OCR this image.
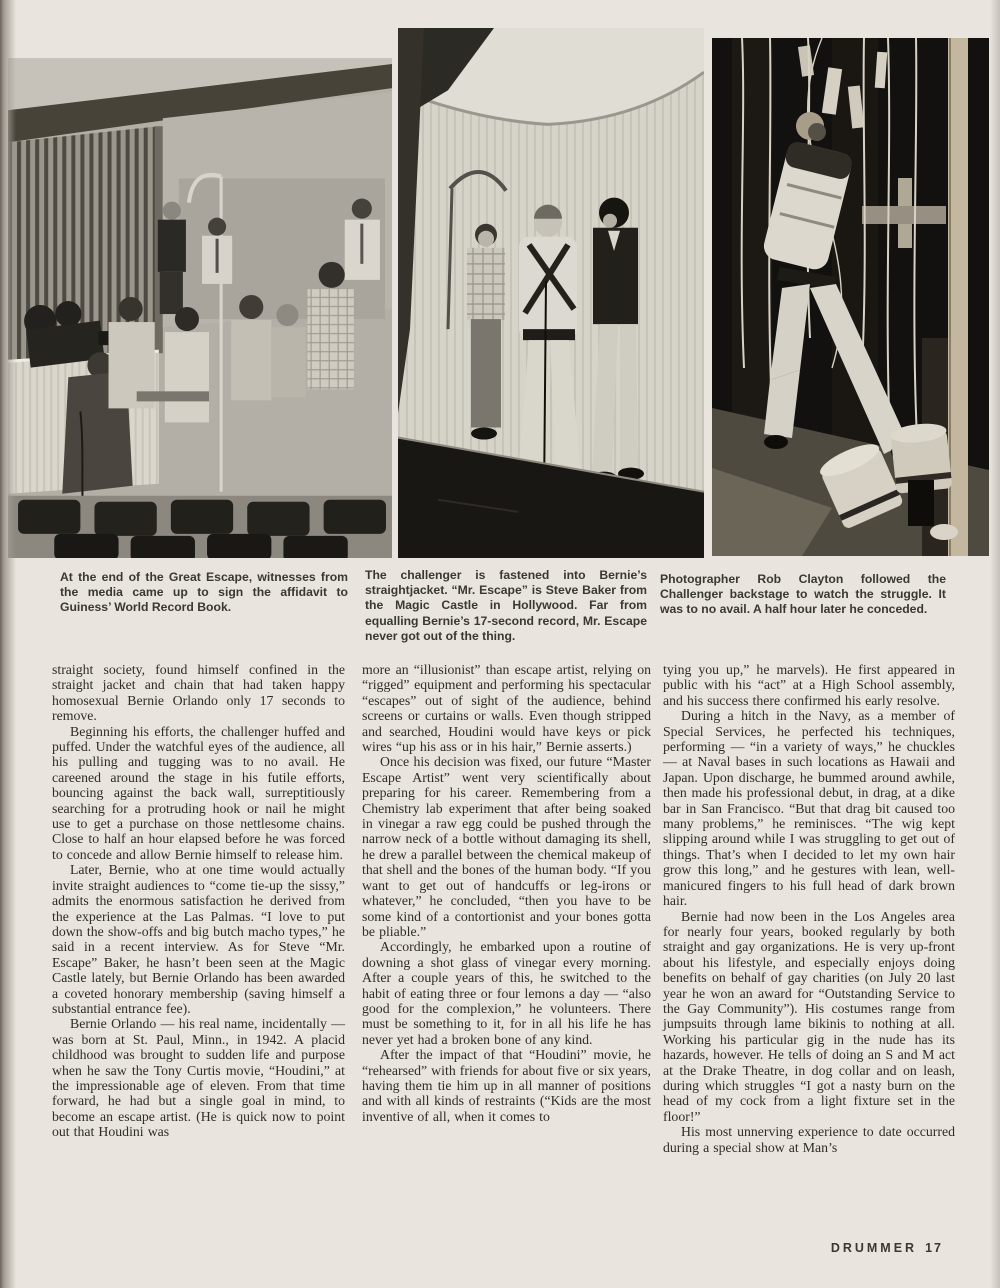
At the end of the Great Escape, witnesses from the media came up to sign the affidavit to Guiness’ World Record Book.
The challenger is fastened into Bernie’s straightjacket. “Mr. Escape” is Steve Baker from the Magic Castle in Hollywood. Far from equalling Bernie’s 17-second record, Mr. Escape never got out of the thing.
Photographer Rob Clayton followed the Challenger backstage to watch the struggle. It was to no avail. A half hour later he conceded.

straight society, found himself confined in the straight jacket and chain that had taken happy homosexual Bernie Orlando only 17 seconds to remove.

Beginning his efforts, the challenger huffed and puffed. Under the watchful eyes of the audience, all his pulling and tugging was to no avail. He careened around the stage in his futile efforts, bouncing against the back wall, surreptitiously searching for a protruding hook or nail he might use to get a purchase on those nettlesome chains. Close to half an hour elapsed before he was forced to concede and allow Bernie himself to release him.

Later, Bernie, who at one time would actually invite straight audiences to “come tie-up the sissy,” admits the enormous satisfaction he derived from the experience at the Las Palmas. “I love to put down the show-offs and big butch macho types,” he said in a recent interview. As for Steve “Mr. Escape” Baker, he hasn’t been seen at the Magic Castle lately, but Bernie Orlando has been awarded a coveted honorary membership (saving himself a substantial entrance fee).

Bernie Orlando — his real name, incidentally — was born at St. Paul, Minn., in 1942. A placid childhood was brought to sudden life and purpose when he saw the Tony Curtis movie, “Houdini,” at the impressionable age of eleven. From that time forward, he had but a single goal in mind, to become an escape artist. (He is quick now to point out that Houdini was

more an “illusionist” than escape artist, relying on “rigged” equipment and performing his spectacular “escapes” out of sight of the audience, behind screens or curtains or walls. Even though stripped and searched, Houdini would have keys or pick wires “up his ass or in his hair,” Bernie asserts.)

Once his decision was fixed, our future “Master Escape Artist” went very scientifically about preparing for his career. Remembering from a Chemistry lab experiment that after being soaked in vinegar a raw egg could be pushed through the narrow neck of a bottle without damaging its shell, he drew a parallel between the chemical makeup of that shell and the bones of the human body. “If you want to get out of handcuffs or leg-irons or whatever,” he concluded, “then you have to be some kind of a contortionist and your bones gotta be pliable.”

Accordingly, he embarked upon a routine of downing a shot glass of vinegar every morning. After a couple years of this, he switched to the habit of eating three or four lemons a day — “also good for the complexion,” he volunteers. There must be something to it, for in all his life he has never yet had a broken bone of any kind.

After the impact of that “Houdini” movie, he “rehearsed” with friends for about five or six years, having them tie him up in all manner of positions and with all kinds of restraints (“Kids are the most inventive of all, when it comes to

tying you up,” he marvels). He first appeared in public with his “act” at a High School assembly, and his success there confirmed his early resolve.

During a hitch in the Navy, as a member of Special Services, he perfected his techniques, performing — “in a variety of ways,” he chuckles — at Naval bases in such locations as Hawaii and Japan. Upon discharge, he bummed around awhile, then made his professional debut, in drag, at a dike bar in San Francisco. “But that drag bit caused too many problems,” he reminisces. “The wig kept slipping around while I was struggling to get out of things. That’s when I decided to let my own hair grow this long,” and he gestures with lean, well-manicured fingers to his full head of dark brown hair.

Bernie had now been in the Los Angeles area for nearly four years, booked regularly by both straight and gay organizations. He is very up-front about his lifestyle, and especially enjoys doing benefits on behalf of gay charities (on July 20 last year he won an award for “Outstanding Service to the Gay Community”). His costumes range from jumpsuits through lame bikinis to nothing at all. Working his particular gig in the nude has its hazards, however. He tells of doing an S and M act at the Drake Theatre, in dog collar and on leash, during which struggles “I got a nasty burn on the head of my cock from a light fixture set in the floor!”

His most unnerving experience to date occurred during a special show at Man’s

DRUMMER 17
